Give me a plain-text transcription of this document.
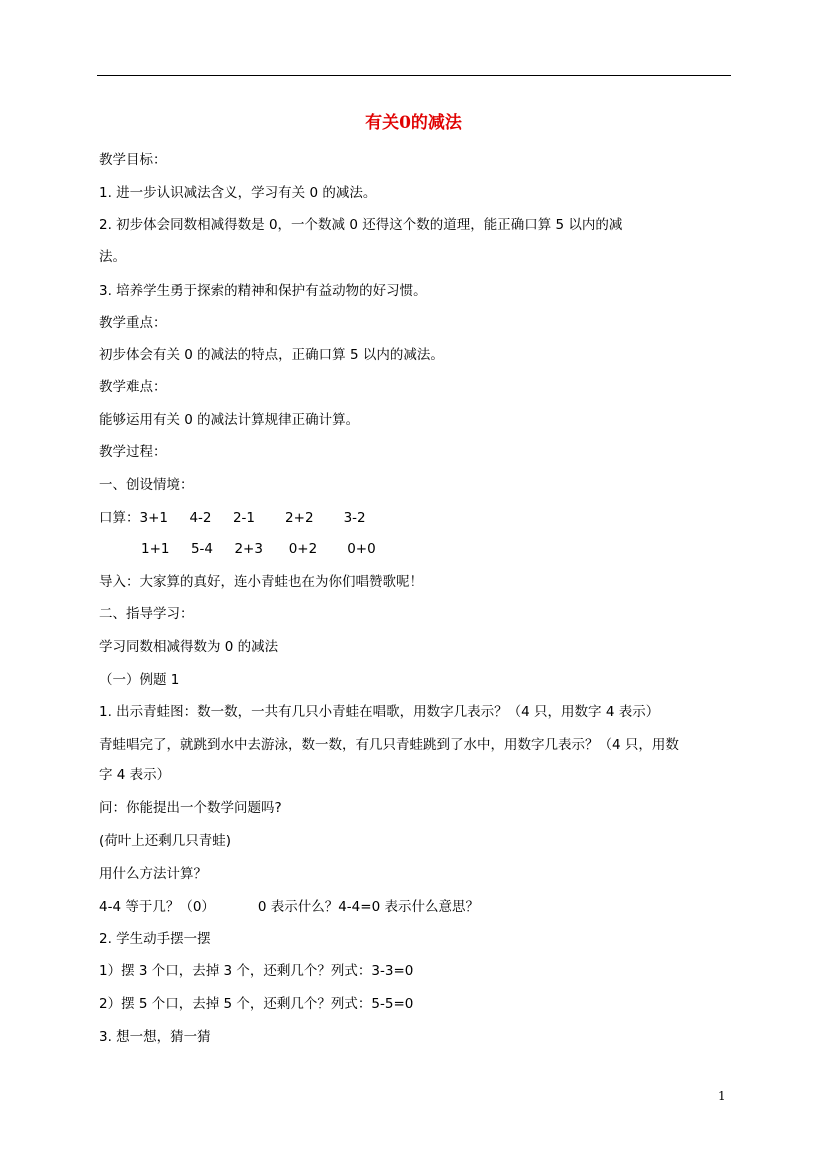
有关0的减法
教学目标：
1. 进一步认识减法含义，学习有关 0 的减法。
2. 初步体会同数相减得数是 0，一个数减 0 还得这个数的道理，能正确口算 5 以内的减
法。
3. 培养学生勇于探索的精神和保护有益动物的好习惯。
教学重点：
初步体会有关 0 的减法的特点，正确口算 5 以内的减法。
教学难点：
能够运用有关 0 的减法计算规律正确计算。
教学过程：
一、创设情境：
口算：3+1     4-2     2-1       2+2       3-2
1+1     5-4     2+3      0+2       0+0
导入：大家算的真好，连小青蛙也在为你们唱赞歌呢！
二、指导学习：
学习同数相减得数为 0 的减法
（一）例题 1
1. 出示青蛙图：数一数，一共有几只小青蛙在唱歌，用数字几表示？（4 只，用数字 4 表示）
青蛙唱完了，就跳到水中去游泳，数一数，有几只青蛙跳到了水中，用数字几表示？（4 只，用数
字 4 表示）
问：你能提出一个数学问题吗?
(荷叶上还剩几只青蛙)
用什么方法计算？
4-4 等于几？（0）          0 表示什么？4-4=0 表示什么意思？
2. 学生动手摆一摆
1）摆 3 个口，去掉 3 个，还剩几个？列式：3-3=0
2）摆 5 个口，去掉 5 个，还剩几个？列式：5-5=0
3. 想一想，猜一猜
1
